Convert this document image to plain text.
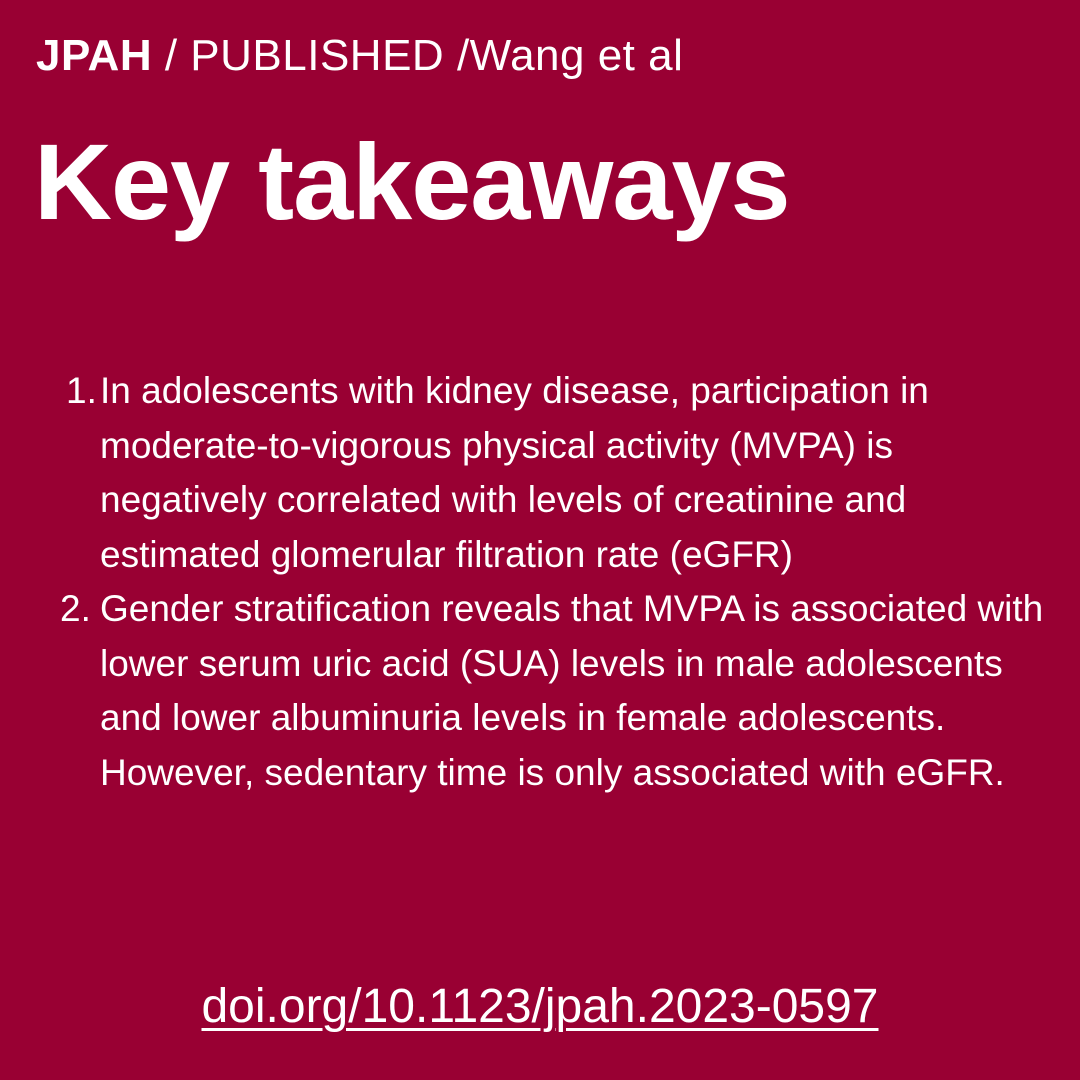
JPAH / PUBLISHED /Wang et al
Key takeaways
1. In adolescents with kidney disease, participation in moderate-to-vigorous physical activity (MVPA) is negatively correlated with levels of creatinine and estimated glomerular filtration rate (eGFR)
2. Gender stratification reveals that MVPA is associated with lower serum uric acid (SUA) levels in male adolescents and lower albuminuria levels in female adolescents. However, sedentary time is only associated with eGFR.
doi.org/10.1123/jpah.2023-0597
